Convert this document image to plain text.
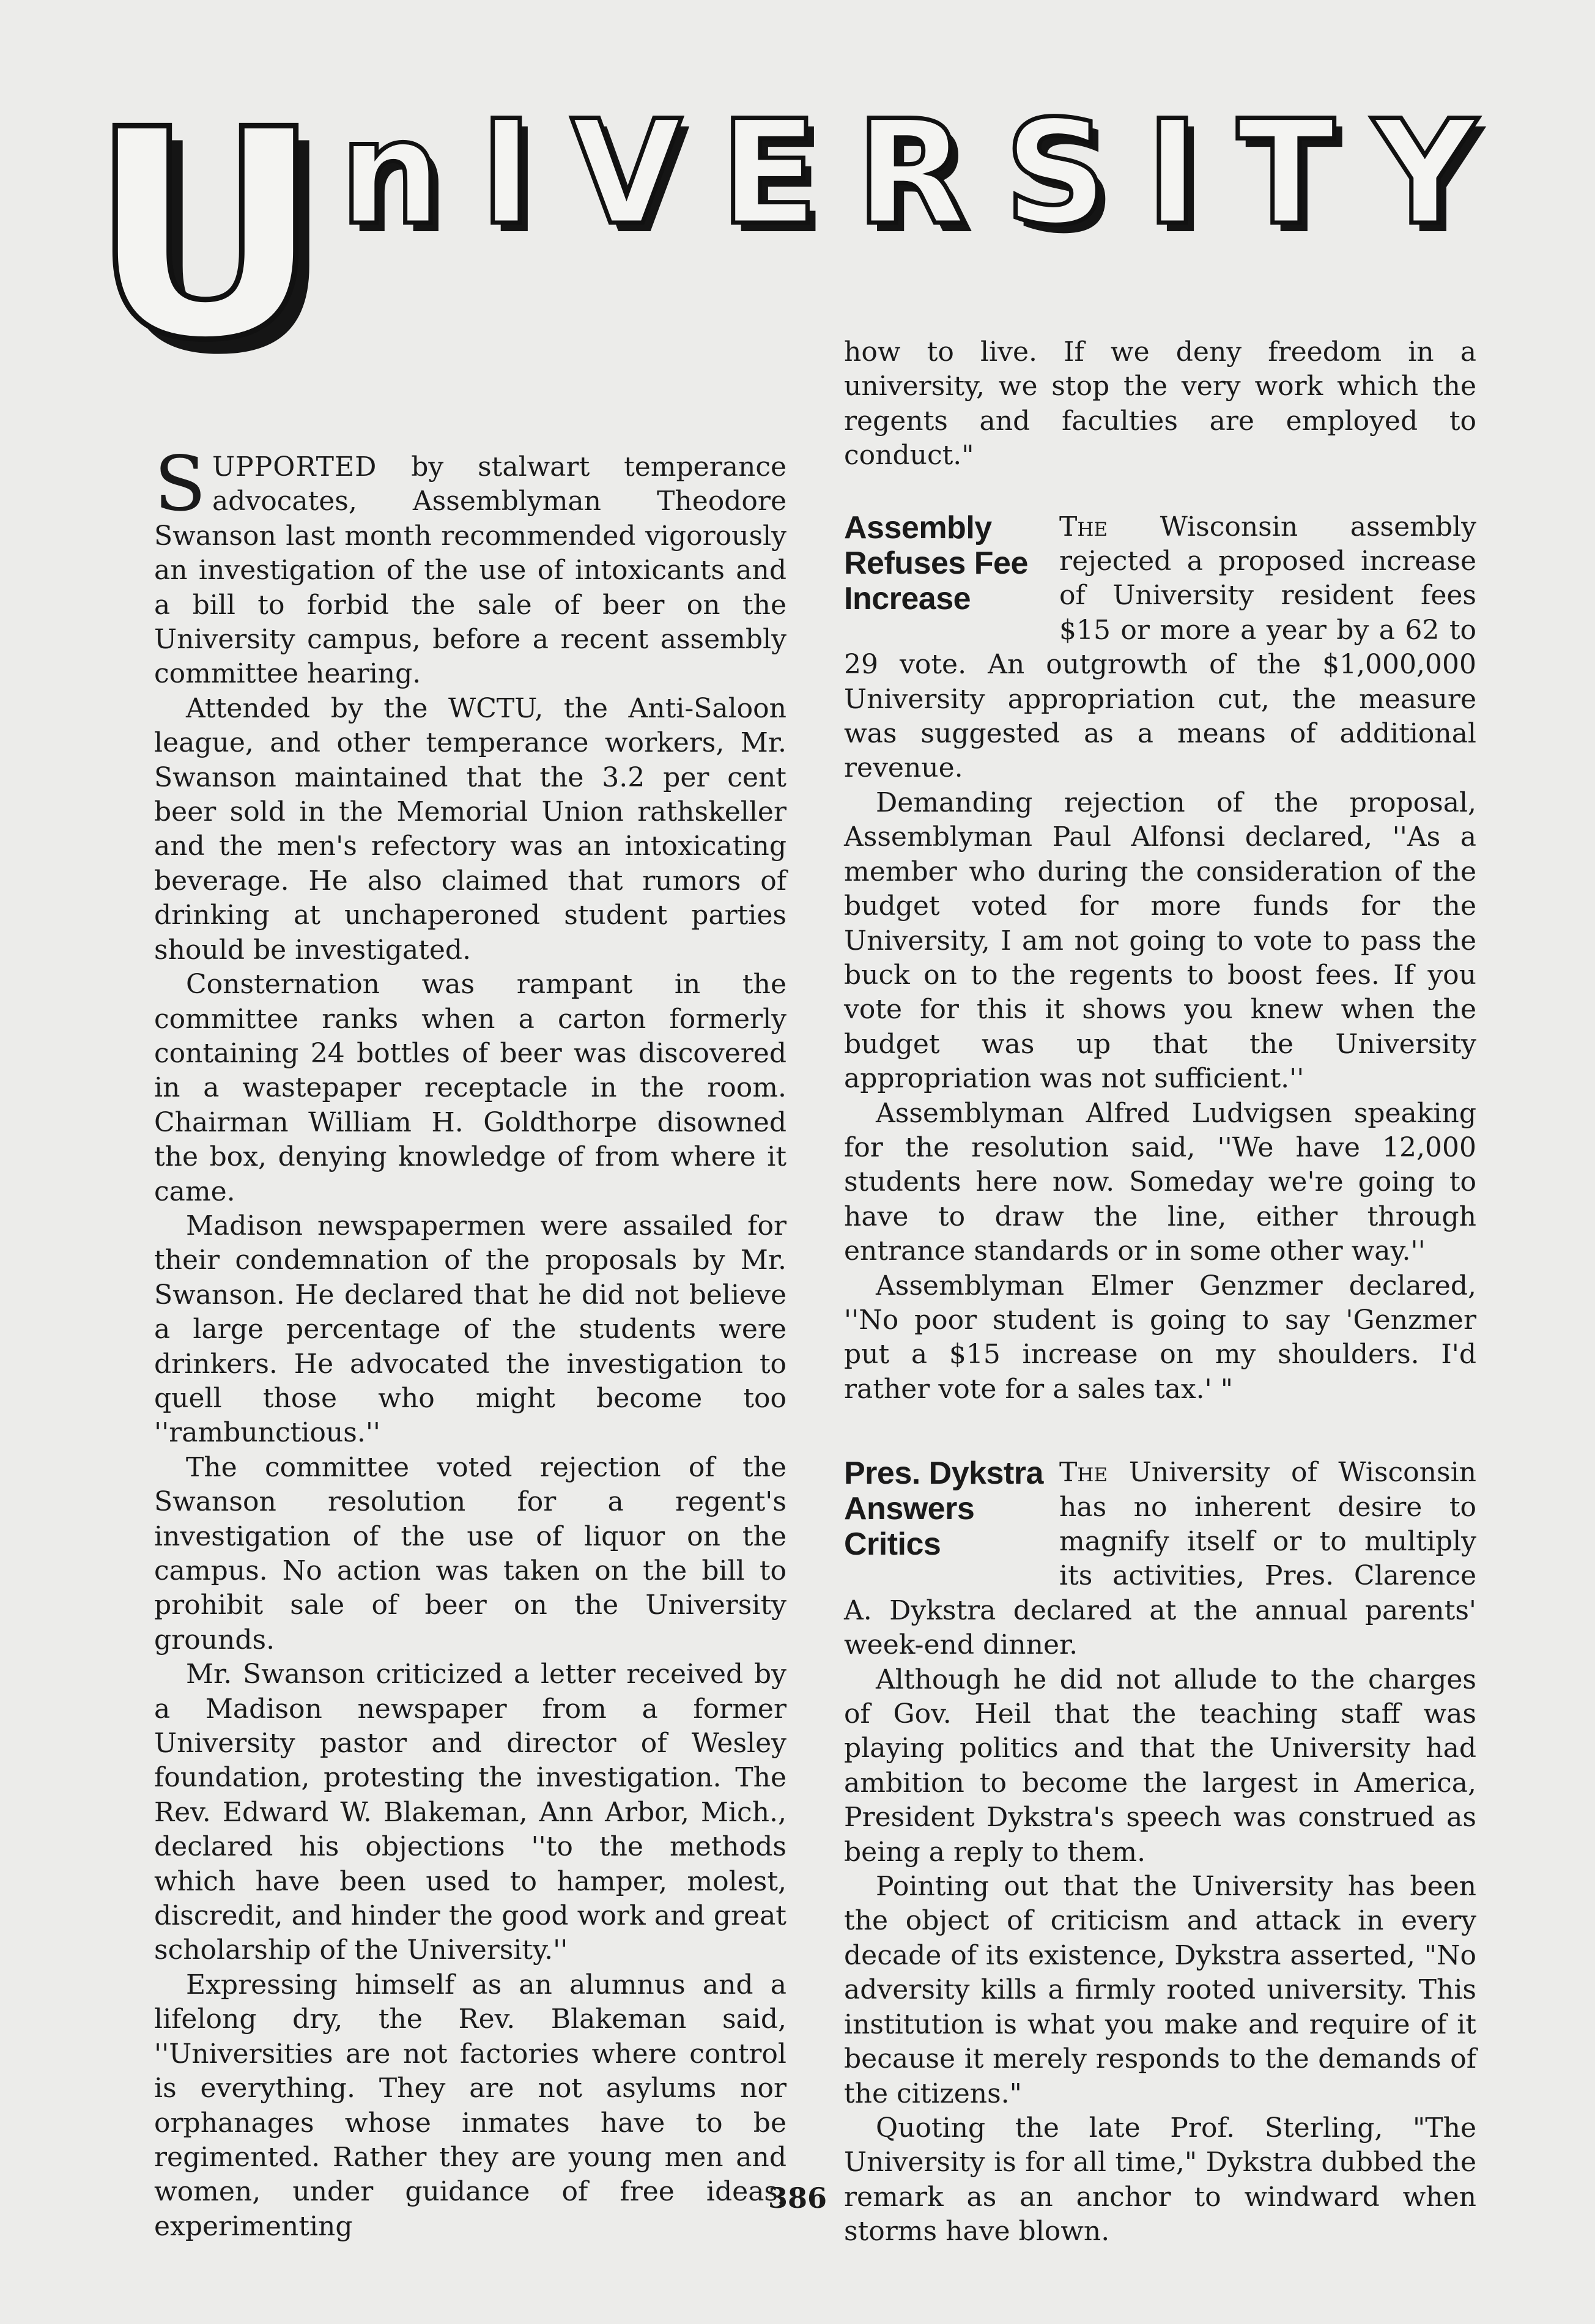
U n I V E R S I T Y

SUPPORTED by stalwart temperance advocates, Assemblyman Theodore Swanson last month recommended vigorously an investigation of the use of intoxicants and a bill to forbid the sale of beer on the University campus, before a recent assembly committee hearing.

Attended by the WCTU, the Anti-Saloon league, and other temperance workers, Mr. Swanson maintained that the 3.2 per cent beer sold in the Memorial Union rathskeller and the men's refectory was an intoxicating beverage. He also claimed that rumors of drinking at unchaperoned student parties should be investigated.

Consternation was rampant in the committee ranks when a carton formerly containing 24 bottles of beer was discovered in a wastepaper receptacle in the room. Chairman William H. Goldthorpe disowned the box, denying knowledge of from where it came.

Madison newspapermen were assailed for their condemnation of the proposals by Mr. Swanson. He declared that he did not believe a large percentage of the students were drinkers. He advocated the investigation to quell those who might become too ''rambunctious.''

The committee voted rejection of the Swanson resolution for a regent's investigation of the use of liquor on the campus. No action was taken on the bill to prohibit sale of beer on the University grounds.

Mr. Swanson criticized a letter received by a Madison newspaper from a former University pastor and director of Wesley foundation, protesting the investigation. The Rev. Edward W. Blakeman, Ann Arbor, Mich., declared his objections ''to the methods which have been used to hamper, molest, discredit, and hinder the good work and great scholarship of the University.''

Expressing himself as an alumnus and a lifelong dry, the Rev. Blakeman said, ''Universities are not factories where control is everything. They are not asylums nor orphanages whose inmates have to be regimented. Rather they are young men and women, under guidance of free ideas, experimenting

how to live. If we deny freedom in a university, we stop the very work which the regents and faculties are employed to conduct."

Assembly Refuses Fee Increase
The Wisconsin assembly rejected a proposed increase of University resident fees $15 or more a year by a 62 to 29 vote. An outgrowth of the $1,000,000 University appropriation cut, the measure was suggested as a means of additional revenue.

Demanding rejection of the proposal, Assemblyman Paul Alfonsi declared, ''As a member who during the consideration of the budget voted for more funds for the University, I am not going to vote to pass the buck on to the regents to boost fees. If you vote for this it shows you knew when the budget was up that the University appropriation was not sufficient.''

Assemblyman Alfred Ludvigsen speaking for the resolution said, ''We have 12,000 students here now. Someday we're going to have to draw the line, either through entrance standards or in some other way.''

Assemblyman Elmer Genzmer declared, ''No poor student is going to say 'Genzmer put a $15 increase on my shoulders. I'd rather vote for a sales tax.' "

Pres. Dykstra Answers Critics
The University of Wisconsin has no inherent desire to magnify itself or to multiply its activities, Pres. Clarence A. Dykstra declared at the annual parents' week-end dinner.

Although he did not allude to the charges of Gov. Heil that the teaching staff was playing politics and that the University had ambition to become the largest in America, President Dykstra's speech was construed as being a reply to them.

Pointing out that the University has been the object of criticism and attack in every decade of its existence, Dykstra asserted, "No adversity kills a firmly rooted university. This institution is what you make and require of it because it merely responds to the demands of the citizens."

Quoting the late Prof. Sterling, "The University is for all time," Dykstra dubbed the remark as an anchor to windward when storms have blown.

386
